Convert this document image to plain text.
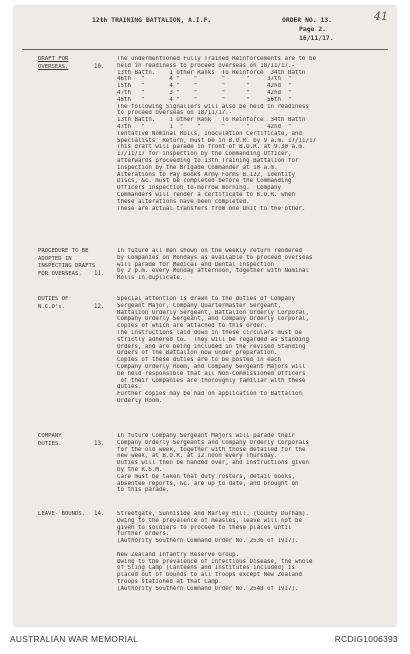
12th TRAINING BATTALION, A.I.F.	ORDER NO. 13.
Page 2.
16/11/17.
41
DRAFT FOR
OVERSEAS.	10.
The undermentioned Fully Trained Reinforcements are to be
held in readiness to proceed overseas on 18/11/17.-
13th Battn.    1 Other Ranks  To Reinforce  34th Battn
46th   "       4 "    "       "      "     37th  "
15th   "       4 "    "       "      "     42nd  "
47th   "       3 "    "       "      "     42nd  "
45th   "       4 "    "       "      "     56th  "
The following Signallers will also be held in readiness
to proceed Overseas on 18/11/17.-
13th Battn.    1 Other Rank   To Reinforce  34th Battn
47th   "       1  "    "      "      "     42nd  "
Tentative Nominal Rolls, Inoculation Certificate, and
Specialists' Return, must be in B.O.R. by 9 a.m. 17/11/17
This draft will parade in front of B.O.R. at 9.30 a.m.
17/11/17 for inspection by the Commanding Officer,
afterwards proceeding to 13th Training Battalion for
inspection by the Brigade Commander at 10 a.m.
Alterations to Pay Books Army Forms B.122, Identity
Discs, &c. must be completed before the Commanding
Officers inspection to-morrow morning.  Company
Commanders will render a certificate to B.O.R. when
these alterations have been completed.
These are actual transfers from one Unit to the other.
PROCEDURE TO BE
ADOPTED IN
INSPECTING DRAFTS
FOR OVERSEAS.	11.
In future all men shown on the weekly return rendered
by Companies on Mondays as available to proceed overseas
will parade for Medical and Dental inspection
by 2 p.m. every Monday afternoon, together with Nominal
Rolls in duplicate.
DUTIES OF
N.C.O's.	12.
Special attention is drawn to the duties of Company
Sergeant Major, Company Quartermaster Sergeant,
Battalion Orderly Sergeant, Battalion Orderly Corporal,
Company Orderly Sergeant, and Company Orderly Corporal,
copies of which are attached to this order.
The instructions laid down in these circulars must be
strictly adhered to.  They will be regarded as Standing
Orders, and are being included in the revised Standing
Orders of the Battalion now under preparation.
Copies of these duties are to be posted in each
Company Orderly Room, and Company Sergeant Majors will
be held responsible that all Non-Commissioned Officers
of their Companies are thoroughly familiar with these
duties.
Further copies may be had on application to Battalion
Orderly Room.
COMPANY
DUTIES.	13.
In future Company Sergeant Majors will parade their
Company Orderly Sergeants and Company Orderly Corporals
for the old week, together with those detailed for the
new week, at B.O.R. at 12 noon every Thursday.
Duties will then be handed over, and instructions given
by the R.S.M.
Care must be taken that duty rosters, detail books,
absentee reports, &c. are up to date, and brought on
to this parade.
LEAVE- BOUNDS.	14. Streetgate, Sunniside and Marley Hill. (County Durham).
Owing to the prevalence of measles, leave will not be
given to soldiers to proceed to these places until
further orders.
(Authority Southern Command Order No. 2536 of 1917).
New Zealand Infantry Reserve Group.
Owing to the prevalence of Infectious Disease, the whole
of Sling Camp (Canteens and Institutes included) is
placed out of bounds to all troops except New Zealand
troops stationed at that Camp.
(Authority Southern Command Order No. 2548 of 1917).
AUSTRALIAN WAR MEMORIAL	RCDIG1006393
